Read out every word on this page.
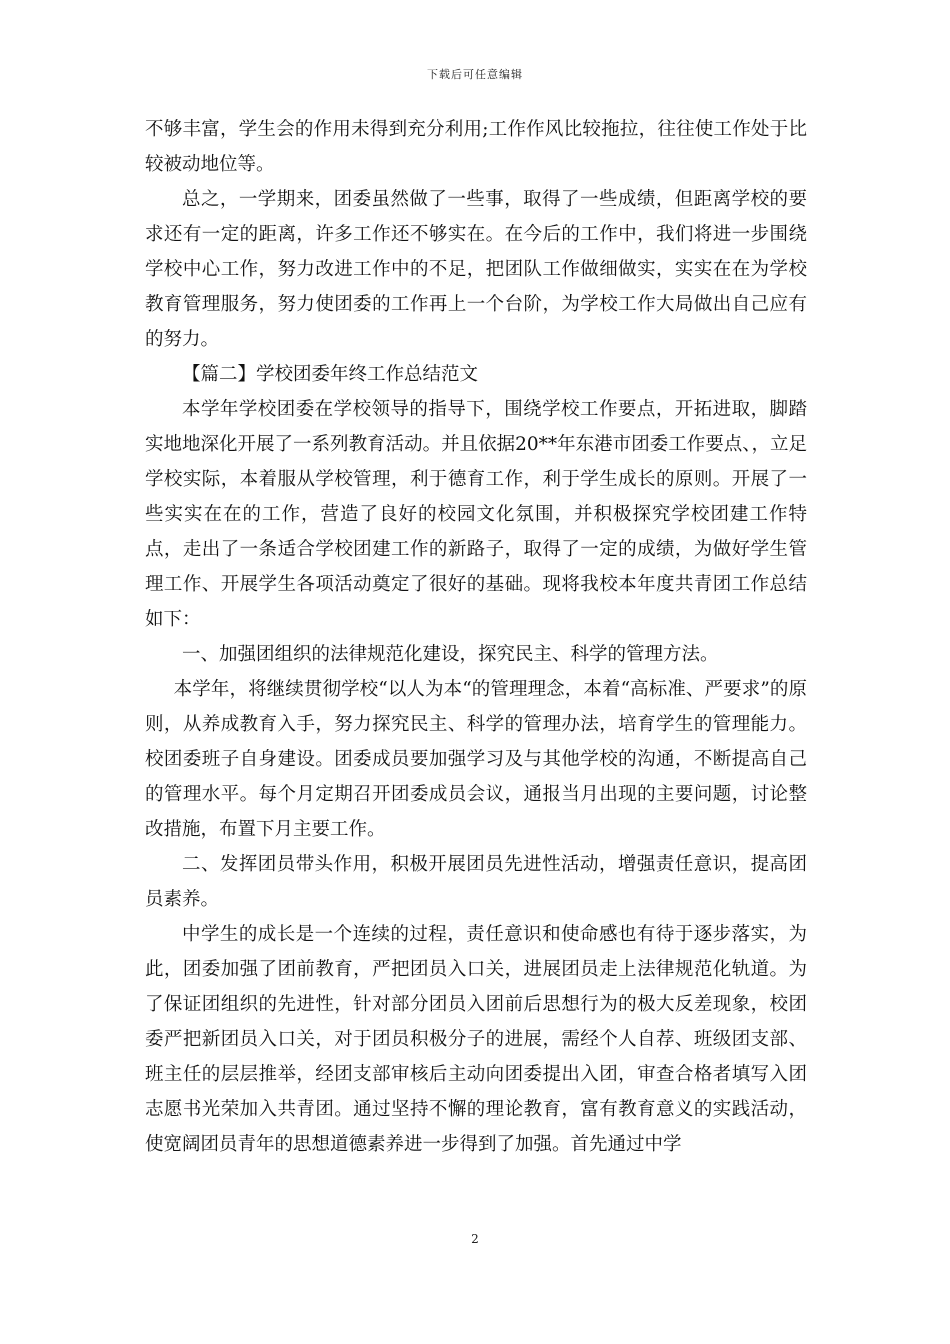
下载后可任意编辑

不够丰富，学生会的作用未得到充分利用;工作作风比较拖拉，往往使工作处于比较被动地位等。

总之，一学期来，团委虽然做了一些事，取得了一些成绩，但距离学校的要求还有一定的距离，许多工作还不够实在。在今后的工作中，我们将进一步围绕学校中心工作，努力改进工作中的不足，把团队工作做细做实，实实在在为学校教育管理服务，努力使团委的工作再上一个台阶，为学校工作大局做出自己应有的努力。

【篇二】学校团委年终工作总结范文

本学年学校团委在学校领导的指导下，围绕学校工作要点，开拓进取，脚踏实地地深化开展了一系列教育活动。并且依据20**年东港市团委工作要点、，立足学校实际，本着服从学校管理，利于德育工作，利于学生成长的原则。开展了一些实实在在的工作，营造了良好的校园文化氛围，并积极探究学校团建工作特点，走出了一条适合学校团建工作的新路子，取得了一定的成绩，为做好学生管理工作、开展学生各项活动奠定了很好的基础。现将我校本年度共青团工作总结如下：

一、加强团组织的法律规范化建设，探究民主、科学的管理方法。

本学年，将继续贯彻学校“以人为本“的管理理念，本着“高标准、严要求”的原则，从养成教育入手，努力探究民主、科学的管理办法，培育学生的管理能力。校团委班子自身建设。团委成员要加强学习及与其他学校的沟通，不断提高自己的管理水平。每个月定期召开团委成员会议，通报当月出现的主要问题，讨论整改措施，布置下月主要工作。

二、发挥团员带头作用，积极开展团员先进性活动，增强责任意识，提高团员素养。

中学生的成长是一个连续的过程，责任意识和使命感也有待于逐步落实，为此，团委加强了团前教育，严把团员入口关，进展团员走上法律规范化轨道。为了保证团组织的先进性，针对部分团员入团前后思想行为的极大反差现象，校团委严把新团员入口关，对于团员积极分子的进展，需经个人自荐、班级团支部、班主任的层层推举，经团支部审核后主动向团委提出入团，审查合格者填写入团志愿书光荣加入共青团。通过坚持不懈的理论教育，富有教育意义的实践活动，使宽阔团员青年的思想道德素养进一步得到了加强。首先通过中学

2
